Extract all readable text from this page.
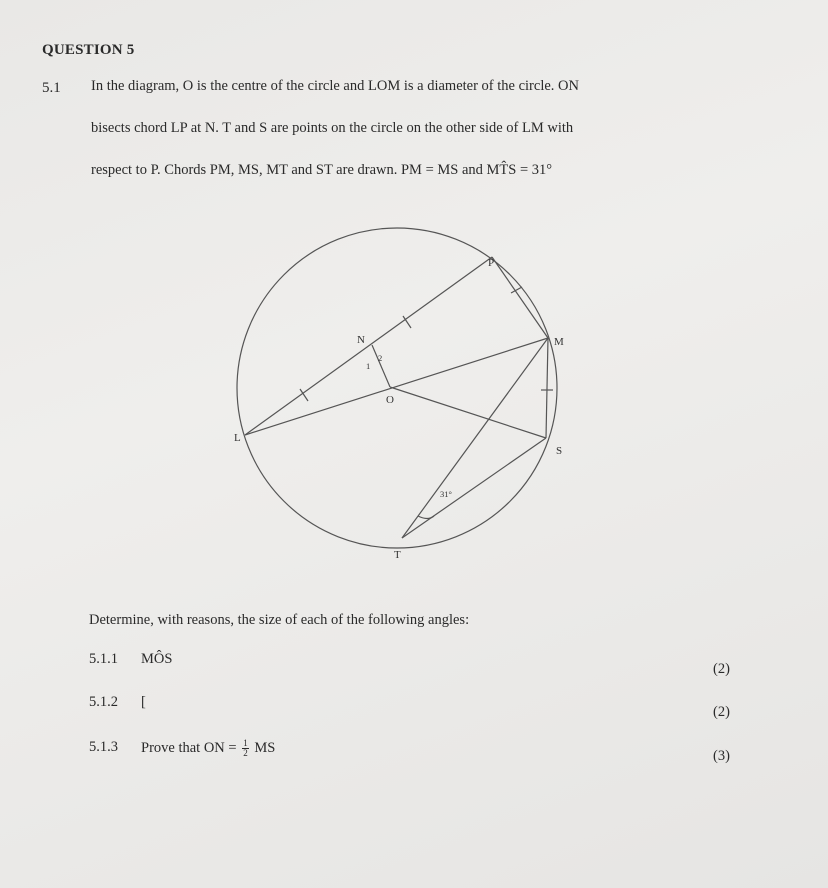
QUESTION 5
5.1 In the diagram, O is the centre of the circle and LOM is a diameter of the circle. ON
bisects chord LP at N. T and S are points on the circle on the other side of LM with
respect to P. Chords PM, MS, MT and ST are drawn. PM = MS and MT̂S = 31°
P
M
S
T
L
N
O
1
2
31°
Determine, with reasons, the size of each of the following angles:
5.1.1 MÔS
(2)
5.1.2 [
(2)
5.1.3 Prove that ON = $\frac{1}{2}$ MS
(3)
